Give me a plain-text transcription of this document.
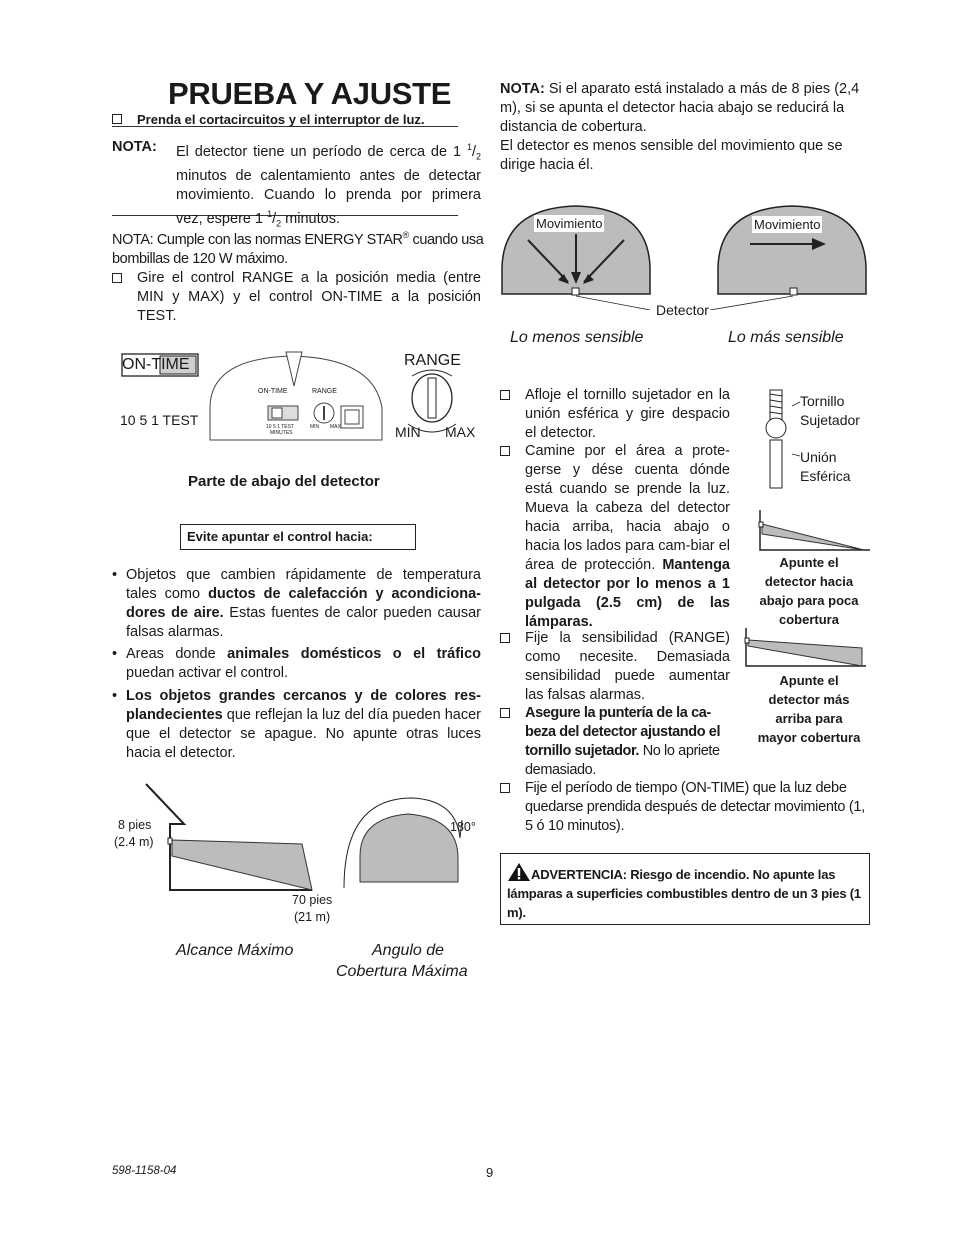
PRUEBA Y AJUSTE
Prenda el cortacircuitos y el interruptor de luz.
NOTA: El detector tiene un período de cerca de 1 $^1/_2$ minutos de calentamiento antes de detectar movimiento. Cuando lo prenda por primera vez, espere 1 $^1/_2$ minutos.
NOTA: Cumple con las normas ENERGY STAR® cuando usa bombillas de 120 W máximo.
Gire el control RANGE a la posición media (entre MIN y MAX) y el control ON-TIME a la posición TEST.
ON-TIME
10 5 1 TEST
RANGE
MIN MAX
ON-TIME	RANGE
10 5 1 TEST
MINUTES
MIN MAX
Parte de abajo del detector
Evite apuntar el control hacia:
• Objetos que cambien rápidamente de temperatura tales como ductos de calefacción y acondiciona-dores de aire. Estas fuentes de calor pueden causar falsas alarmas.
• Areas donde animales domésticos o el tráfico puedan activar el control.
• Los objetos grandes cercanos y de colores res-plandecientes que reflejan la luz del día pueden hacer que el detector se apague. No apunte otras luces hacia el detector.
8 pies
(2.4 m)
70 pies
(21 m)
180°
Alcance Máximo	Angulo de
Cobertura Máxima
NOTA: Si el aparato está instalado a más de 8 pies (2,4 m), si se apunta el detector hacia abajo se reducirá la distancia de cobertura.
El detector es menos sensible del movimiento que se dirige hacia él.
Movimiento	Movimiento
Detector
Lo menos sensible	Lo más sensible
Afloje el tornillo sujetador en la unión esférica y gire despacio el detector.
Camine por el área a prote-gerse y dése cuenta dónde está cuando se prende la luz. Mueva la cabeza del detector hacia arriba, hacia abajo o hacia los lados para cam-biar el área de protección. Mantenga al detector por lo menos a 1 pulgada (2.5 cm) de las lámparas.
Fije la sensibilidad (RANGE) como necesite. Demasiada sensibilidad puede aumentar las falsas alarmas.
Asegure la puntería de la ca-beza del detector ajustando el tornillo sujetador. No lo apriete demasiado.
Fije el período de tiempo (ON-TIME) que la luz debe quedarse prendida después de detectar movimiento (1, 5 ó 10 minutos).
Tornillo
Sujetador
Unión
Esférica
Apunte el
detector hacia
abajo para poca
cobertura
Apunte el
detector más
arriba para
mayor cobertura
ADVERTENCIA: Riesgo de incendio. No apunte las lámparas a superficies combustibles dentro de un 3 pies (1 m).
598-1158-04	9
